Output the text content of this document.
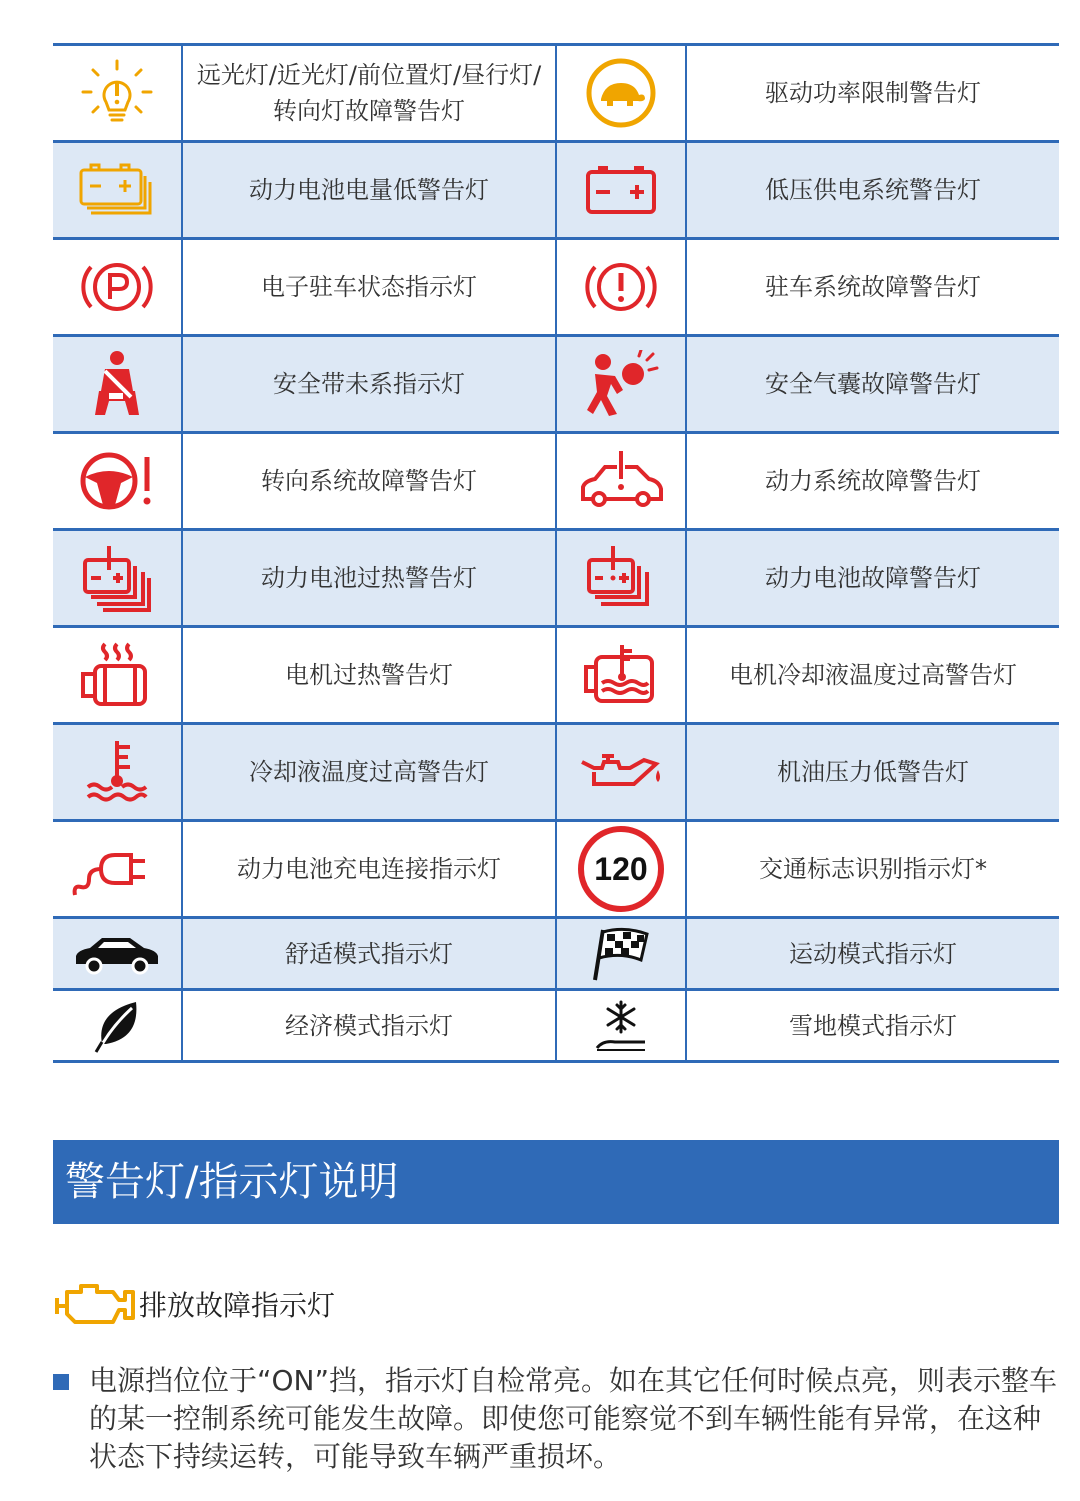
	远光灯/近光灯/前位置灯/昼行灯/转向灯故障警告灯		驱动功率限制警告灯
	动力电池电量低警告灯		低压供电系统警告灯
	电子驻车状态指示灯		驻车系统故障警告灯
	安全带未系指示灯		安全气囊故障警告灯
	转向系统故障警告灯		动力系统故障警告灯
	动力电池过热警告灯		动力电池故障警告灯
	电机过热警告灯		电机冷却液温度过高警告灯
	冷却液温度过高警告灯		机油压力低警告灯
	动力电池充电连接指示灯	120	交通标志识别指示灯*
	舒适模式指示灯		运动模式指示灯
	经济模式指示灯		雪地模式指示灯
警告灯/指示灯说明
排放故障指示灯
电源挡位位于“ON”挡，指示灯自检常亮。如在其它任何时候点亮，则表示整车的某一控制系统可能发生故障。即使您可能察觉不到车辆性能有异常，在这种状态下持续运转，可能导致车辆严重损坏。
